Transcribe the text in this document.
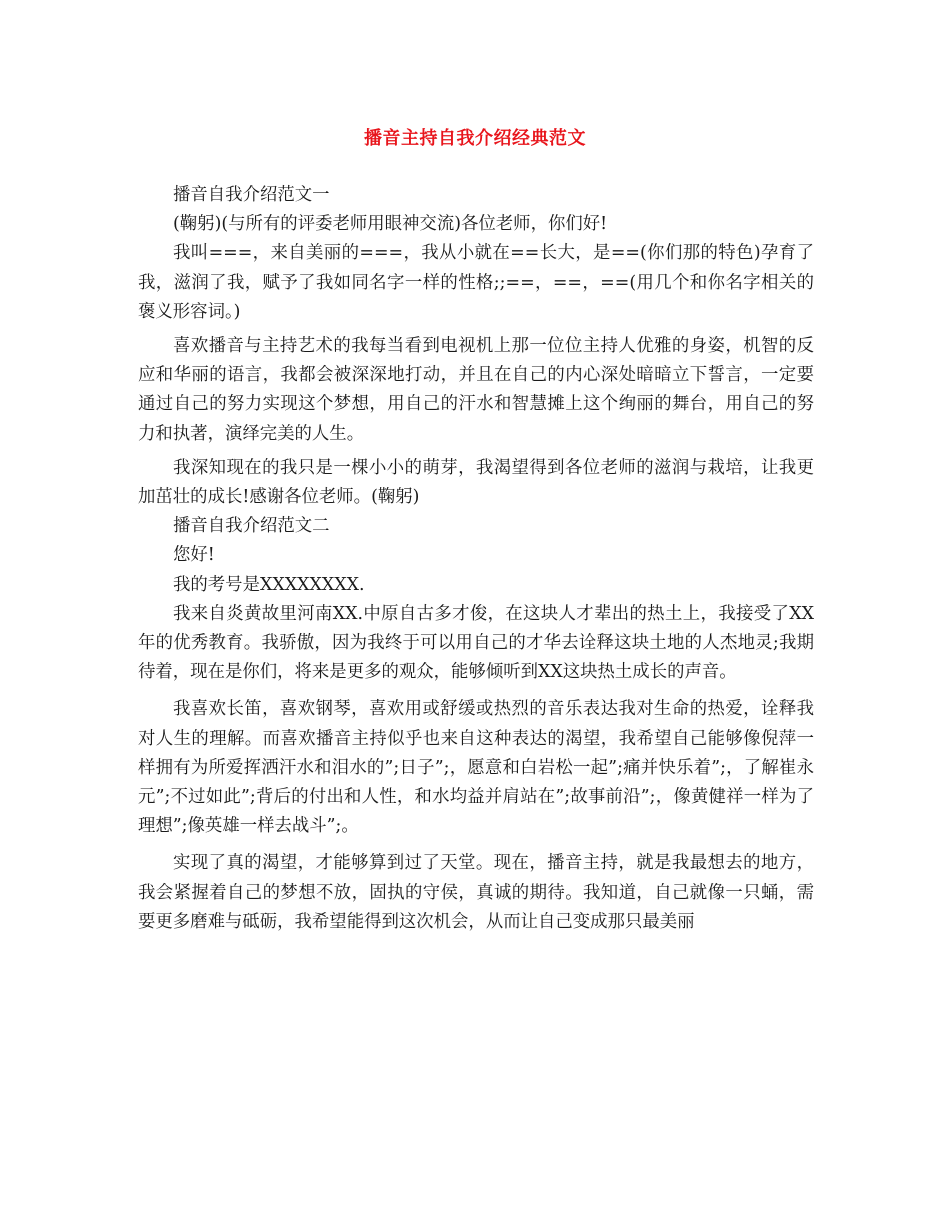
播音主持自我介绍经典范文

播音自我介绍范文一

(鞠躬)(与所有的评委老师用眼神交流)各位老师，你们好!

我叫===，来自美丽的===，我从小就在==长大，是==(你们那的特色)孕育了我，滋润了我，赋予了我如同名字一样的性格;;==，==，==(用几个和你名字相关的褒义形容词。)

喜欢播音与主持艺术的我每当看到电视机上那一位位主持人优雅的身姿，机智的反应和华丽的语言，我都会被深深地打动，并且在自己的内心深处暗暗立下誓言，一定要通过自己的努力实现这个梦想，用自己的汗水和智慧摊上这个绚丽的舞台，用自己的努力和执著，演绎完美的人生。

我深知现在的我只是一棵小小的萌芽，我渴望得到各位老师的滋润与栽培，让我更加茁壮的成长!感谢各位老师。(鞠躬)

播音自我介绍范文二

您好!

我的考号是XXXXXXXX.

我来自炎黄故里河南XX.中原自古多才俊，在这块人才辈出的热土上，我接受了XX年的优秀教育。我骄傲，因为我终于可以用自己的才华去诠释这块土地的人杰地灵;我期待着，现在是你们，将来是更多的观众，能够倾听到XX这块热土成长的声音。

我喜欢长笛，喜欢钢琴，喜欢用或舒缓或热烈的音乐表达我对生命的热爱，诠释我对人生的理解。而喜欢播音主持似乎也来自这种表达的渴望，我希望自己能够像倪萍一样拥有为所爱挥洒汗水和泪水的”;日子”;，愿意和白岩松一起”;痛并快乐着”;，了解崔永元”;不过如此”;背后的付出和人性，和水均益并肩站在”;故事前沿”;，像黄健祥一样为了理想”;像英雄一样去战斗”;。

实现了真的渴望，才能够算到过了天堂。现在，播音主持，就是我最想去的地方，我会紧握着自己的梦想不放，固执的守侯，真诚的期待。我知道，自己就像一只蛹，需要更多磨难与砥砺，我希望能得到这次机会，从而让自己变成那只最美丽
